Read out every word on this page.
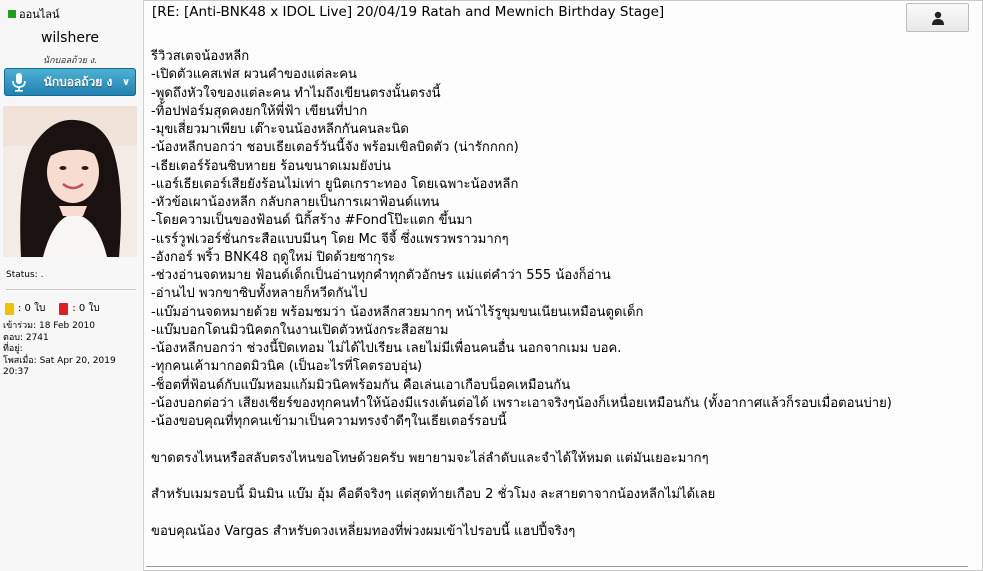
ออนไลน์
wilshere
นักบอลถ้วย ง.
นักบอลถ้วย ง ∨
Status: .
: 0 ใบ	: 0 ใบ
เข้าร่วม: 18 Feb 2010
ตอบ: 2741
ที่อยู่:
โพสเมื่อ: Sat Apr 20, 2019 20:37
[RE: [Anti-BNK48 x IDOL Live] 20/04/19 Ratah and Mewnich Birthday Stage]
รีวิวสเตจน้องหลีก
-เปิดตัวแคสเฟส ผวนคำของแต่ละคน
-พูดถึงหัวใจของแต่ละคน ทำไมถึงเขียนตรงนั้นตรงนี้
-ทิ้อปฟอร์มสุดคงยกให้พี่ฟ้า เขียนที่ปาก
-มุขเสี่ยวมาเพียบ เต๊าะจนน้องหลีกกันคนละนิด
-น้องหลีกบอกว่า ชอบเธียเตอร์วันนี้จัง พร้อมเขิลบิดตัว (น่ารักกกก)
-เธียเตอร์ร้อนซิบหายย ร้อนขนาดเมมยังบ่น
-แอร์เธียเตอร์เสียยังร้อนไม่เท่า ยูนิตเกราะทอง โดยเฉพาะน้องหลีก
-หัวข้อเผาน้องหลีก กลับกลายเป็นการเผาฟ้อนด์แทน
-โดยความเป็นของฟ้อนด์ นิกิ้สร้าง #Fondโป๊ะแตก ขึ้นมา
-แรร์วูฟเวอร์ชั่นกระสือแบบมีนๆ โดย Mc จีจี้ ซึ่งแพรวพราวมากๆ
-อังกอร์ พริ้ว BNK48 ฤดูใหม่ ปิดด้วยซากุระ
-ช่วงอ่านจดหมาย ฟ้อนด์เด็กเป็นอ่านทุกคำทุกตัวอักษร แม่แต่คำว่า 555 น้องก็อ่าน
-อ่านไป พวกขาซิบทั้งหลายก็หวีดกันไป
-แบ๊มอ่านจดหมายด้วย พร้อมชมว่า น้องหลีกสวยมากๆ หน้าไร้รูขุมขนเนียนเหมือนตูดเด็ก
-แบ๊มบอกโดนมิวนิคตกในงานเปิดตัวหนังกระสือสยาม
-น้องหลีกบอกว่า ช่วงนี้ปิดเทอม ไม่ได้ไปเรียน เลยไม่มีเพื่อนคนอื่น นอกจากเมม บอค.
-ทุกคนเค้ามากอดมิวนิค (เป็นอะไรที่โคตรอบอุ่น)
-ช็อตที่ฟ้อนด์กับแบ๊มหอมแก้มมิวนิคพร้อมกัน คือเล่นเอาเกือบน็อคเหมือนกัน
-น้องบอกต่อว่า เสียงเชียร์ของทุกคนทำให้น้องมีแรงเต้นต่อได้ เพราะเอาจริงๆน้องก็เหนื่อยเหมือนกัน (ทั้งอากาศแล้วก็รอบเมื่อตอนบ่าย)
-น้องขอบคุณที่ทุกคนเข้ามาเป็นความทรงจำดีๆในเธียเตอร์รอบนี้
ขาดตรงไหนหรือสลับตรงไหนขอโทษด้วยครับ พยายามจะไล่ลำดับและจำได้ให้หมด แต่มันเยอะมากๆ
สำหรับเมมรอบนี้ มินมิน แบ๊ม อุ้ม คือดีจริงๆ แต่สุดท้ายเกือบ 2 ชั่วโมง ละสายตาจากน้องหลีกไม่ได้เลย
ขอบคุณน้อง Vargas สำหรับดวงเหลี่ยมทองที่พ่วงผมเข้าไปรอบนี้ แฮปปี้จริงๆ
